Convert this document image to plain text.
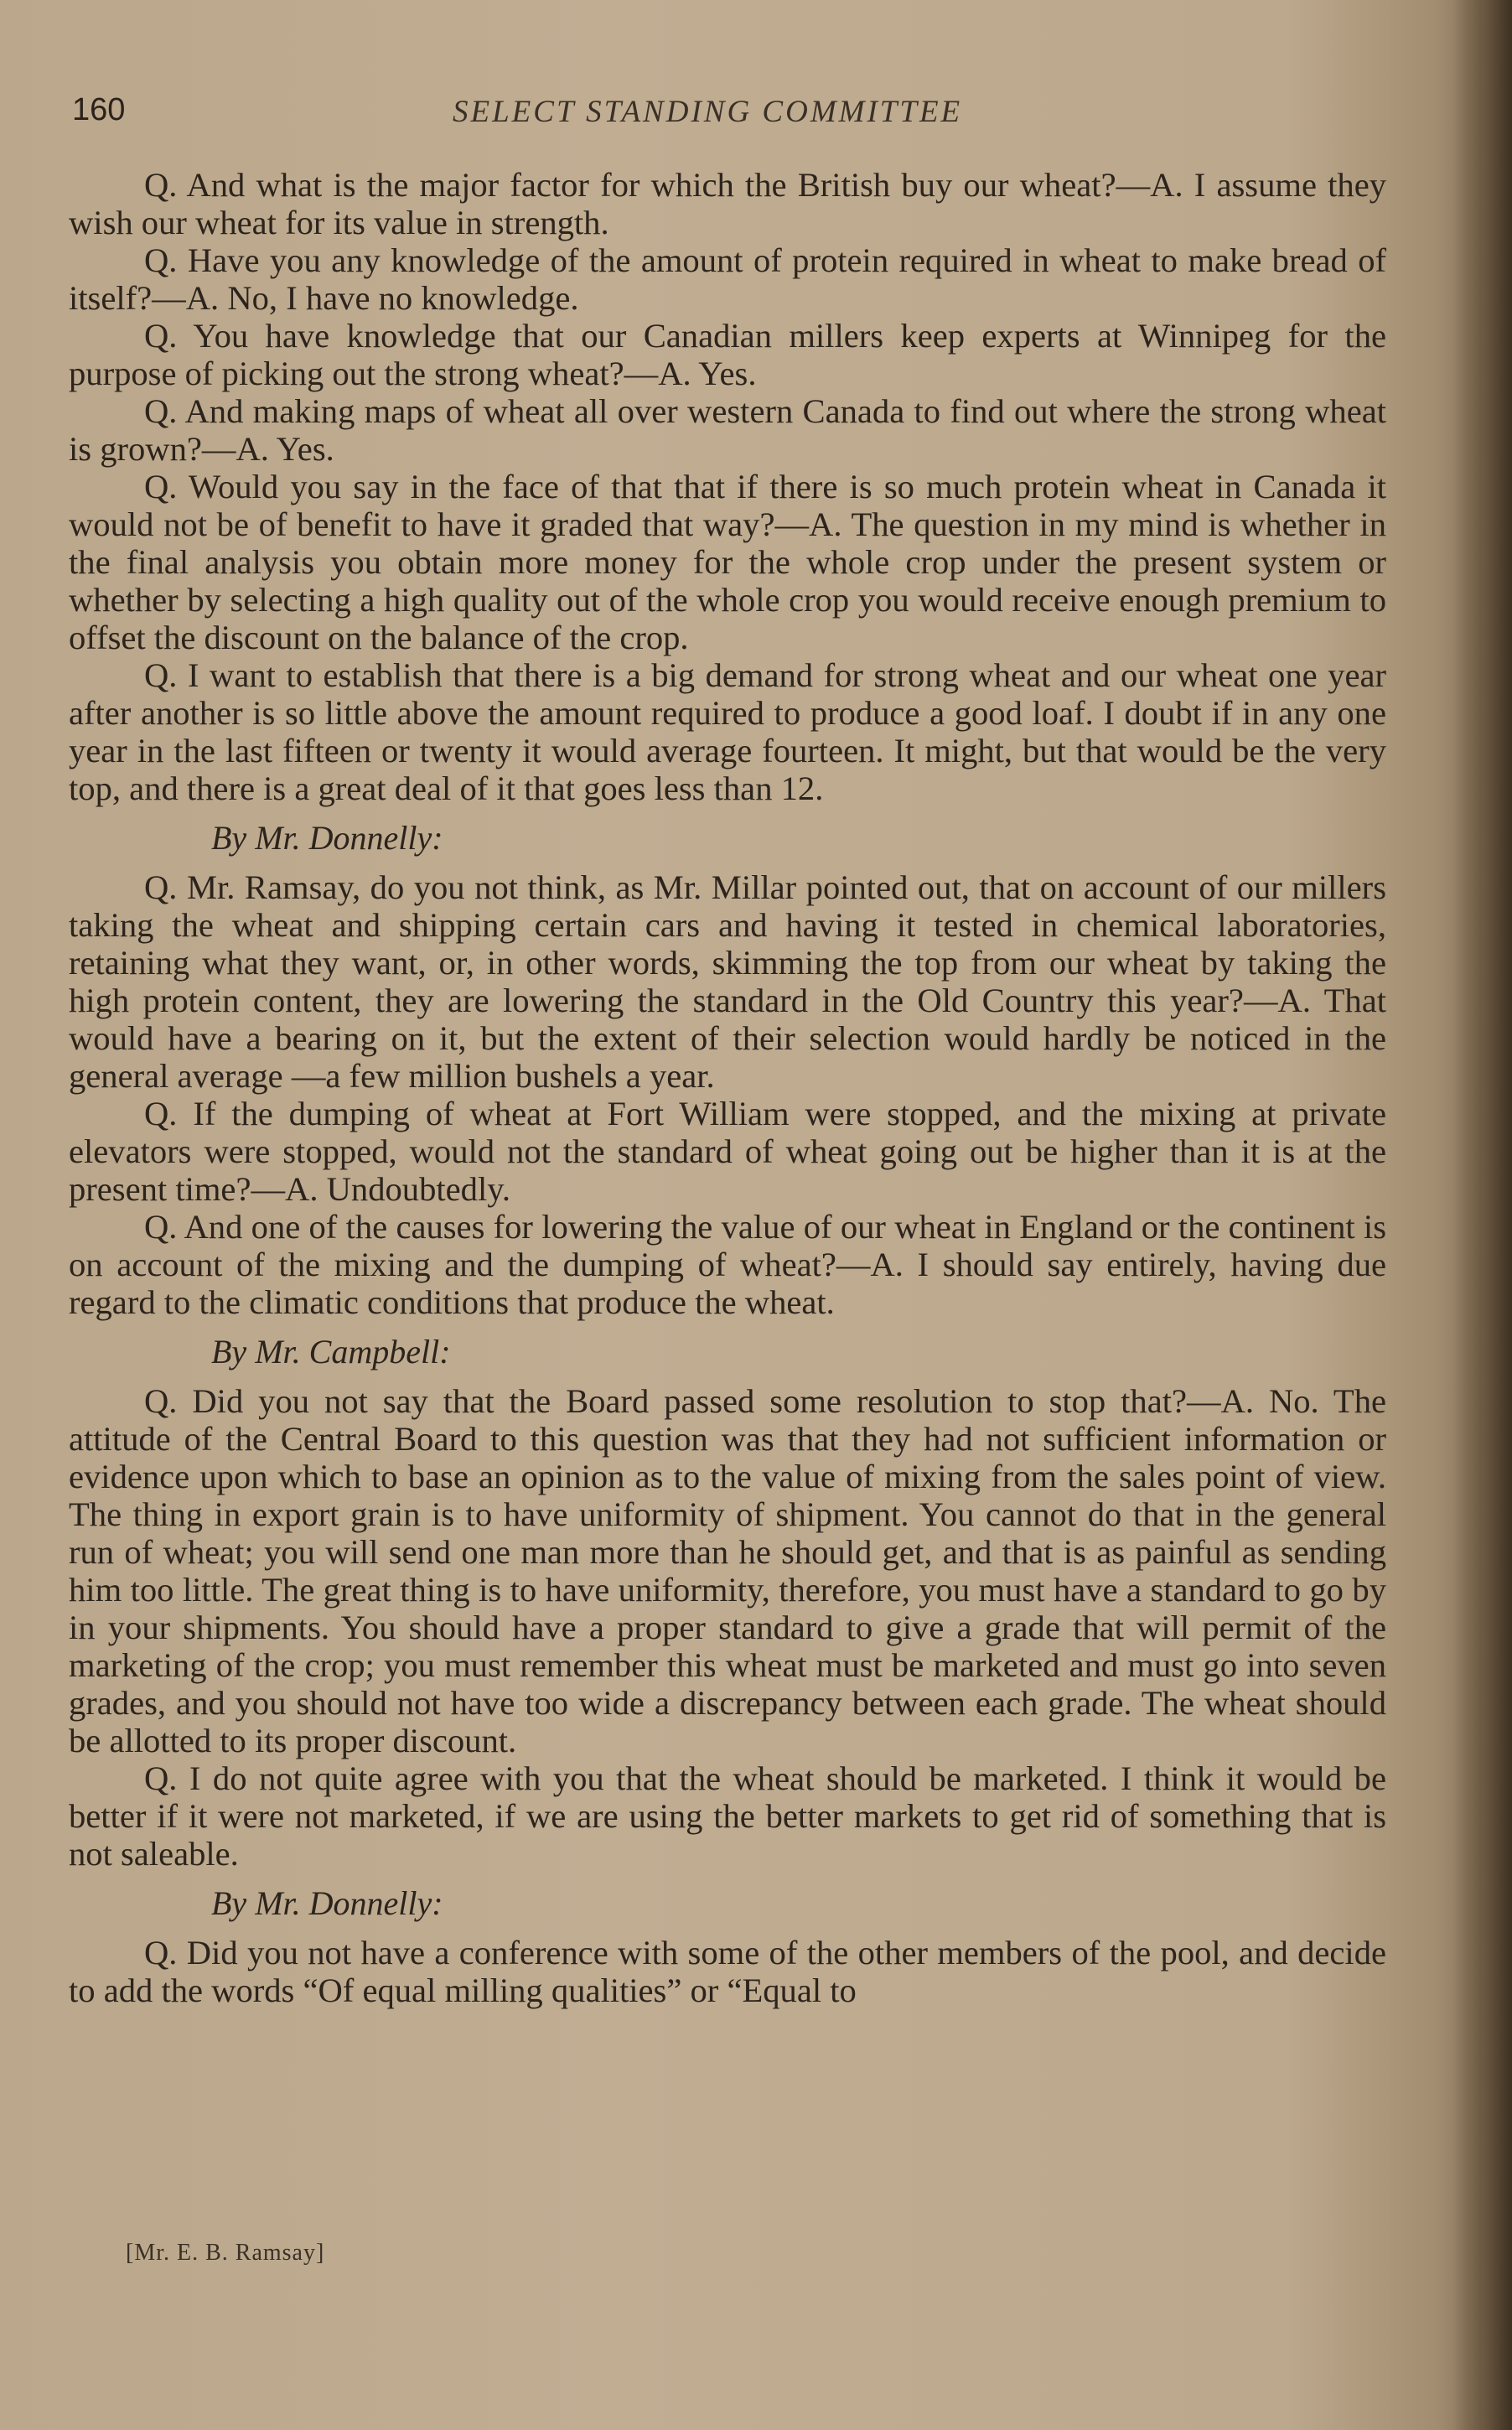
160	SELECT STANDING COMMITTEE

Q. And what is the major factor for which the British buy our wheat?—A. I assume they wish our wheat for its value in strength.

Q. Have you any knowledge of the amount of protein required in wheat to make bread of itself?—A. No, I have no knowledge.

Q. You have knowledge that our Canadian millers keep experts at Winnipeg for the purpose of picking out the strong wheat?—A. Yes.

Q. And making maps of wheat all over western Canada to find out where the strong wheat is grown?—A. Yes.

Q. Would you say in the face of that that if there is so much protein wheat in Canada it would not be of benefit to have it graded that way?—A. The question in my mind is whether in the final analysis you obtain more money for the whole crop under the present system or whether by selecting a high quality out of the whole crop you would receive enough premium to offset the discount on the balance of the crop.

Q. I want to establish that there is a big demand for strong wheat and our wheat one year after another is so little above the amount required to produce a good loaf. I doubt if in any one year in the last fifteen or twenty it would average fourteen. It might, but that would be the very top, and there is a great deal of it that goes less than 12.

By Mr. Donnelly:

Q. Mr. Ramsay, do you not think, as Mr. Millar pointed out, that on account of our millers taking the wheat and shipping certain cars and having it tested in chemical laboratories, retaining what they want, or, in other words, skimming the top from our wheat by taking the high protein content, they are lowering the standard in the Old Country this year?—A. That would have a bearing on it, but the extent of their selection would hardly be noticed in the general average —a few million bushels a year.

Q. If the dumping of wheat at Fort William were stopped, and the mixing at private elevators were stopped, would not the standard of wheat going out be higher than it is at the present time?—A. Undoubtedly.

Q. And one of the causes for lowering the value of our wheat in England or the continent is on account of the mixing and the dumping of wheat?—A. I should say entirely, having due regard to the climatic conditions that produce the wheat.

By Mr. Campbell:

Q. Did you not say that the Board passed some resolution to stop that?—A. No. The attitude of the Central Board to this question was that they had not sufficient information or evidence upon which to base an opinion as to the value of mixing from the sales point of view. The thing in export grain is to have uniformity of shipment. You cannot do that in the general run of wheat; you will send one man more than he should get, and that is as painful as sending him too little. The great thing is to have uniformity, therefore, you must have a standard to go by in your shipments. You should have a proper standard to give a grade that will permit of the marketing of the crop; you must remember this wheat must be marketed and must go into seven grades, and you should not have too wide a discrepancy between each grade. The wheat should be allotted to its proper discount.

Q. I do not quite agree with you that the wheat should be marketed. I think it would be better if it were not marketed, if we are using the better markets to get rid of something that is not saleable.

By Mr. Donnelly:

Q. Did you not have a conference with some of the other members of the pool, and decide to add the words “Of equal milling qualities” or “Equal to

[Mr. E. B. Ramsay]
